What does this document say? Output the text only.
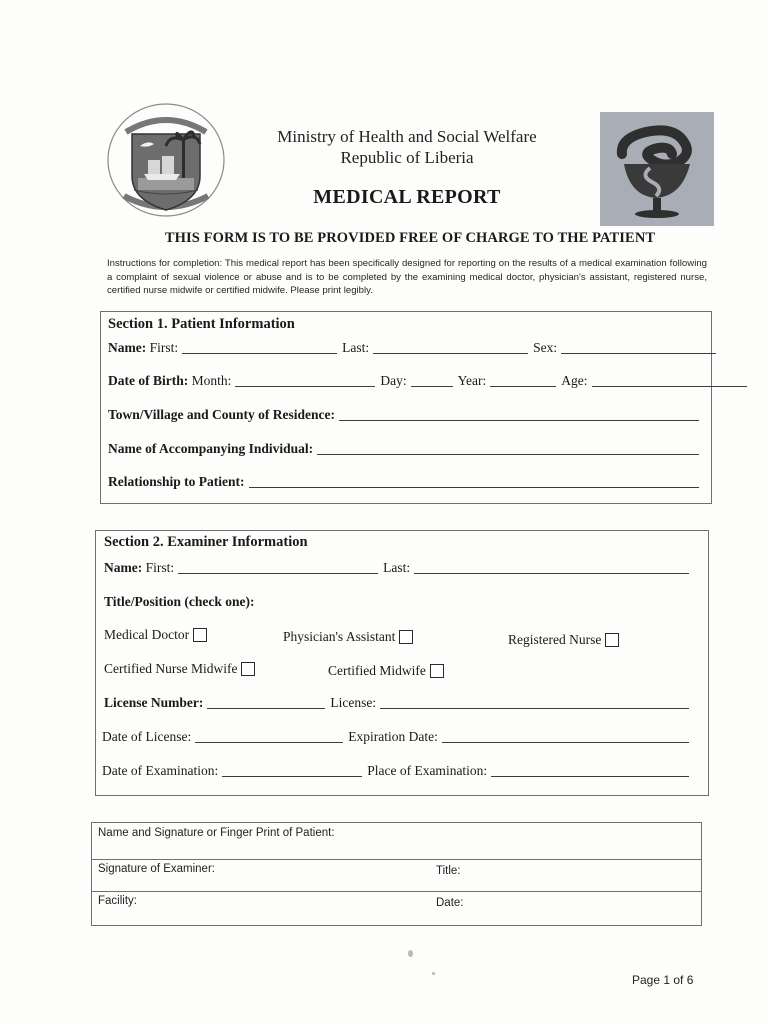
Ministry of Health and Social Welfare
Republic of Liberia
MEDICAL REPORT
THIS FORM IS TO BE PROVIDED FREE OF CHARGE TO THE PATIENT
Instructions for completion: This medical report has been specifically designed for reporting on the results of a medical examination following a complaint of sexual violence or abuse and is to be completed by the examining medical doctor, physician's assistant, registered nurse, certified nurse midwife or certified midwife. Please print legibly.
Section 1. Patient Information
Name:
First:	Last:	Sex:
Date of Birth:
Month:	Day:	Year:	Age:
Town/Village and County of Residence:
Name of Accompanying Individual:
Relationship to Patient:
Section 2. Examiner Information
Name:
First:	Last:
Title/Position (check one):
Medical Doctor	Physician's Assistant	Registered Nurse
Certified Nurse Midwife	Certified Midwife
License Number:	License:
Date of License:	Expiration Date:
Date of Examination:	Place of Examination:
Name and Signature or Finger Print of Patient:
Signature of Examiner:	Title:
Facility:	Date:
Page 1 of 6
